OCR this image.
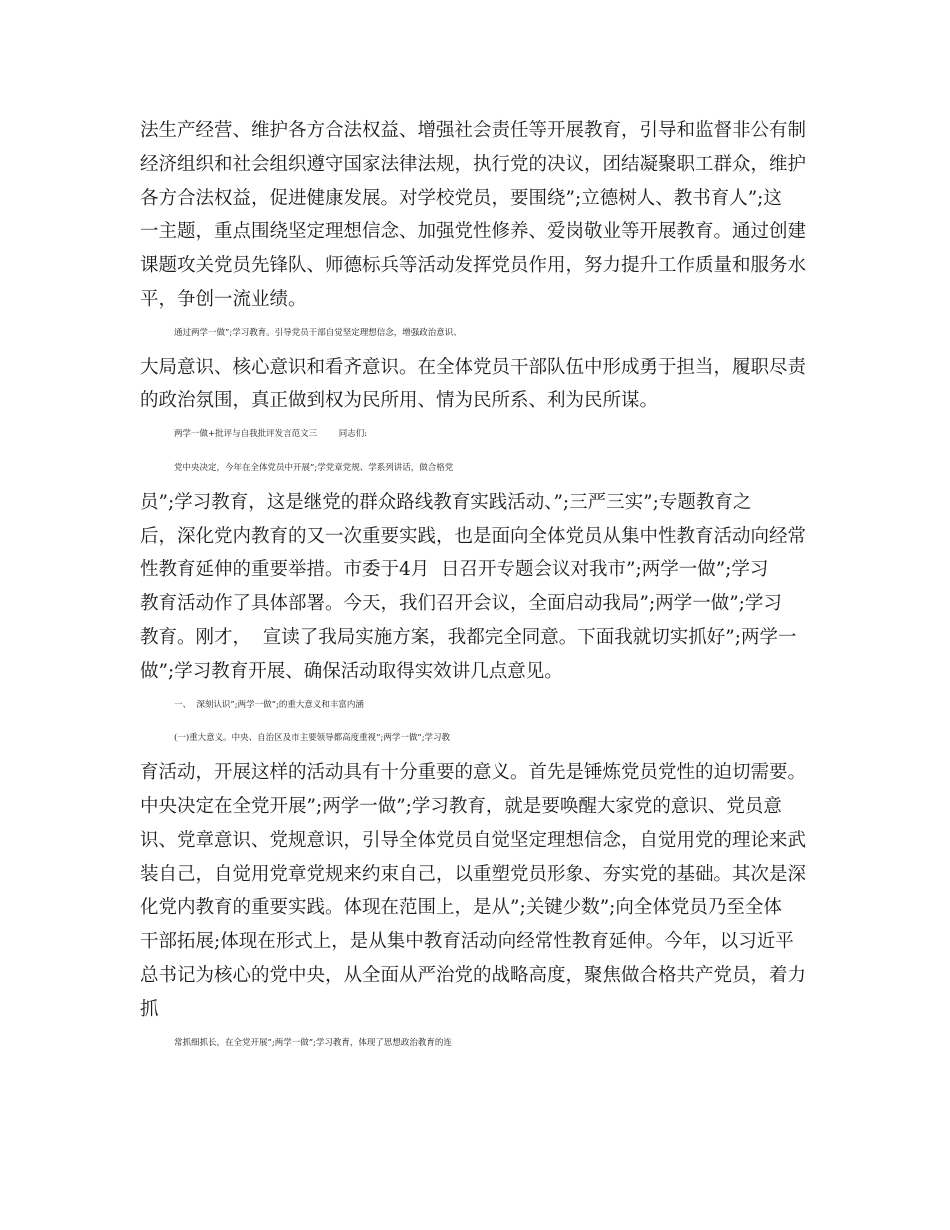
法生产经营、维护各方合法权益、增强社会责任等开展教育，引导和监督非公有制
经济组织和社会组织遵守国家法律法规，执行党的决议，团结凝聚职工群众，维护
各方合法权益，促进健康发展。对学校党员，要围绕”;立德树人、教书育人”;这
一主题，重点围绕坚定理想信念、加强党性修养、爱岗敬业等开展教育。通过创建
课题攻关党员先锋队、师德标兵等活动发挥党员作用，努力提升工作质量和服务水
平，争创一流业绩。
通过两学一做”;学习教育。引导党员干部自觉坚定理想信念，增强政治意识、
大局意识、核心意识和看齐意识。在全体党员干部队伍中形成勇于担当，履职尽责
的政治氛围，真正做到权为民所用、情为民所系、利为民所谋。
两学一做+批评与自我批评发言范文三        同志们:
党中央决定，今年在全体党员中开展”;学党章党规、学系列讲话，做合格党
员”;学习教育，这是继党的群众路线教育实践活动、”;三严三实”;专题教育之
后，深化党内教育的又一次重要实践，也是面向全体党员从集中性教育活动向经常
性教育延伸的重要举措。市委于4月  日召开专题会议对我市”;两学一做”;学习
教育活动作了具体部署。今天，我们召开会议，全面启动我局”;两学一做”;学习
教育。刚才，  宣读了我局实施方案，我都完全同意。下面我就切实抓好”;两学一
做”;学习教育开展、确保活动取得实效讲几点意见。
一、  深刻认识”;两学一做”;的重大意义和丰富内涵
(一)重大意义。中央、自治区及市主要领导都高度重视”;两学一做”;学习教
育活动，开展这样的活动具有十分重要的意义。首先是锤炼党员党性的迫切需要。
中央决定在全党开展”;两学一做”;学习教育，就是要唤醒大家党的意识、党员意
识、党章意识、党规意识，引导全体党员自觉坚定理想信念，自觉用党的理论来武
装自己，自觉用党章党规来约束自己，以重塑党员形象、夯实党的基础。其次是深
化党内教育的重要实践。体现在范围上，是从”;关键少数”;向全体党员乃至全体
干部拓展;体现在形式上，是从集中教育活动向经常性教育延伸。今年，以习近平
总书记为核心的党中央，从全面从严治党的战略高度，聚焦做合格共产党员，着力
抓
常抓细抓长，在全党开展”;两学一做”;学习教育，体现了思想政治教育的连
